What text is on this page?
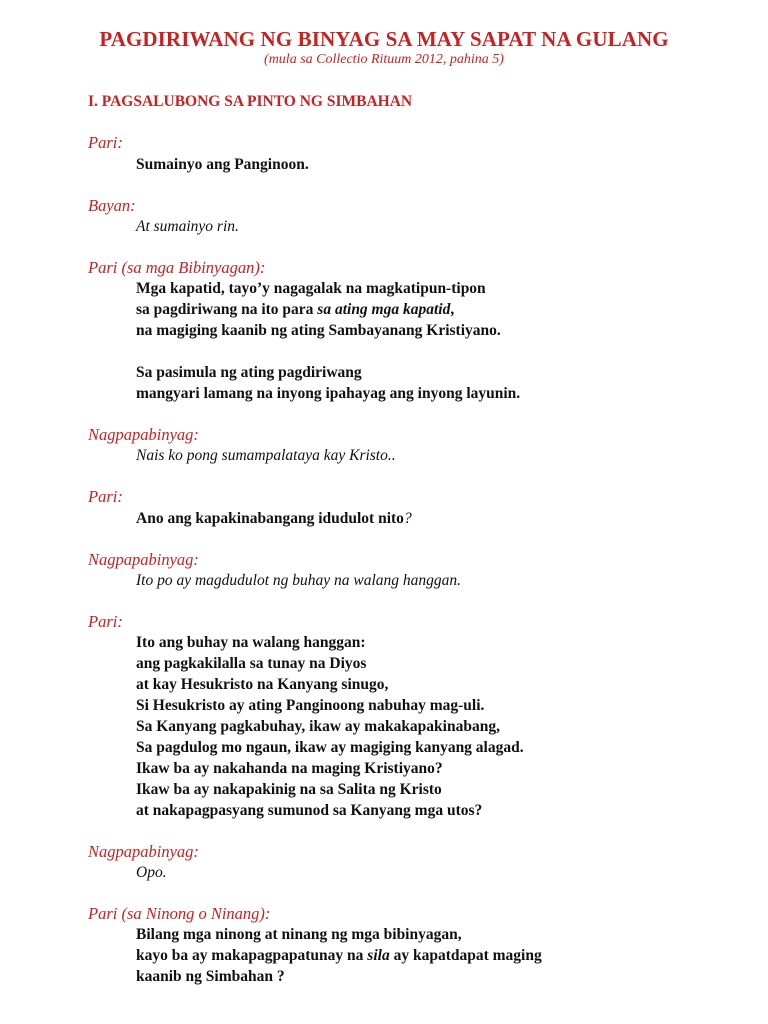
PAGDIRIWANG NG BINYAG SA MAY SAPAT NA GULANG
(mula sa Collectio Rituum 2012, pahina 5)
I. PAGSALUBONG SA PINTO NG SIMBAHAN
Pari:
Sumainyo ang Panginoon.
Bayan:
At sumainyo rin.
Pari (sa mga Bibinyagan):
Mga kapatid, tayo’y nagagalak na magkatipun-tipon
sa pagdiriwang na ito para sa ating mga kapatid,
na magiging kaanib ng ating Sambayanang Kristiyano.
Sa pasimula ng ating pagdiriwang
mangyari lamang na inyong ipahayag ang inyong layunin.
Nagpapabinyag:
Nais ko pong sumampalataya kay Kristo..
Pari:
Ano ang kapakinabangang idudulot nito?
Nagpapabinyag:
Ito po ay magdudulot ng buhay na walang hanggan.
Pari:
Ito ang buhay na walang hanggan:
ang pagkakilalla sa tunay na Diyos
at kay Hesukristo na Kanyang sinugo,
Si Hesukristo ay ating Panginoong nabuhay mag-uli.
Sa Kanyang pagkabuhay, ikaw ay makakapakinabang,
Sa pagdulog mo ngaun, ikaw ay magiging kanyang alagad.
Ikaw ba ay nakahanda na maging Kristiyano?
Ikaw ba ay nakapakinig na sa Salita ng Kristo
at nakapagpasyang sumunod sa Kanyang mga utos?
Nagpapabinyag:
Opo.
Pari (sa Ninong o Ninang):
Bilang mga ninong at ninang ng mga bibinyagan,
kayo ba ay makapagpapatunay na sila ay kapatdapat maging
kaanib ng Simbahan ?
